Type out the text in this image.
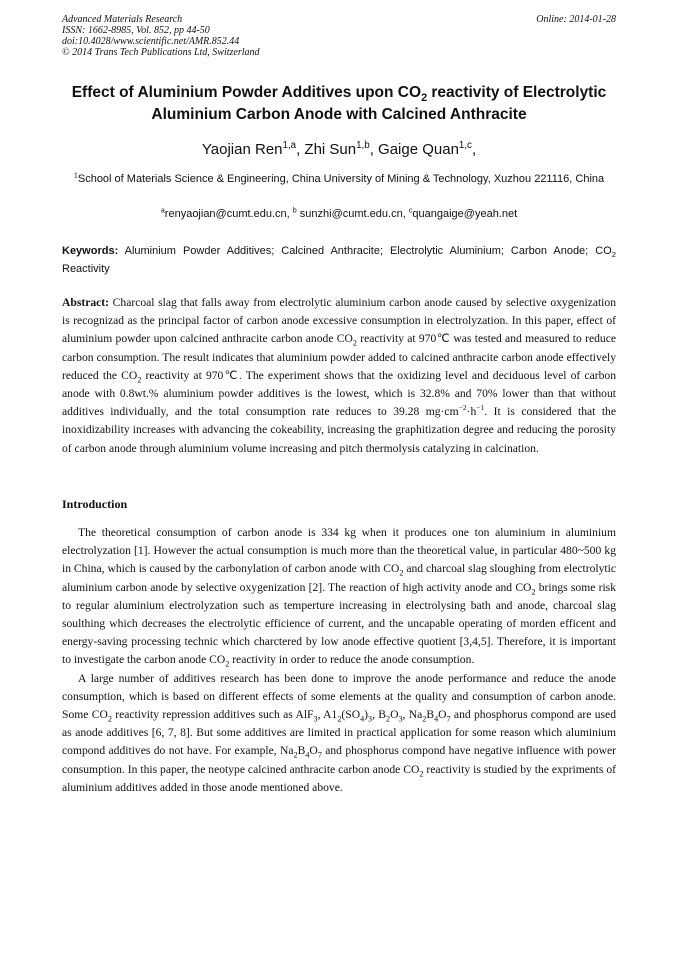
Advanced Materials Research
ISSN: 1662-8985, Vol. 852, pp 44-50
doi:10.4028/www.scientific.net/AMR.852.44
© 2014 Trans Tech Publications Ltd, Switzerland
Online: 2014-01-28
Effect of Aluminium Powder Additives upon $CO_2$ reactivity of Electrolytic Aluminium Carbon Anode with Calcined Anthracite
Yaojian Ren$^{1,a}$, Zhi Sun$^{1,b}$, Gaige Quan$^{1,c}$,
$^1$School of Materials Science & Engineering, China University of Mining & Technology, Xuzhou 221116, China
$^a$renyaojian@cumt.edu.cn, $^b$ sunzhi@cumt.edu.cn, $^c$quangaige@yeah.net
Keywords: Aluminium Powder Additives; Calcined Anthracite; Electrolytic Aluminium; Carbon Anode; $CO_2$ Reactivity
Abstract: Charcoal slag that falls away from electrolytic aluminium carbon anode caused by selective oxygenization is recognizad as the principal factor of carbon anode excessive consumption in electrolyzation. In this paper, effect of aluminium powder upon calcined anthracite carbon anode $CO_2$ reactivity at 970℃ was tested and measured to reduce carbon consumption. The result indicates that aluminium powder added to calcined anthracite carbon anode effectively reduced the $CO_2$ reactivity at 970℃. The experiment shows that the oxidizing level and deciduous level of carbon anode with 0.8wt.% aluminium powder additives is the lowest, which is 32.8% and 70% lower than that without additives individually, and the total consumption rate reduces to 39.28 $mg\cdot cm^{-2}\cdot h^{-1}$. It is considered that the inoxidizability increases with advancing the cokeability, increasing the graphitization degree and reducing the porosity of carbon anode through aluminium volume increasing and pitch thermolysis catalyzing in calcination.
Introduction

The theoretical consumption of carbon anode is 334 kg when it produces one ton aluminium in aluminium electrolyzation [1]. However the actual consumption is much more than the theoretical value, in particular 480~500 kg in China, which is caused by the carbonylation of carbon anode with $CO_2$ and charcoal slag sloughing from electrolytic aluminium carbon anode by selective oxygenization [2]. The reaction of high activity anode and $CO_2$ brings some risk to regular aluminium electrolyzation such as temperture increasing in electrolysing bath and anode, charcoal slag soulthing which decreases the electrolytic efficience of current, and the uncapable operating of morden efficent and energy-saving processing technic which charctered by low anode effective quotient [3,4,5]. Therefore, it is important to investigate the carbon anode $CO_2$ reactivity in order to reduce the anode consumption.

A large number of additives research has been done to improve the anode performance and reduce the anode consumption, which is based on different effects of some elements at the quality and consumption of carbon anode. Some $CO_2$ reactivity repression additives such as AlF$_3$, $A1_2(SO_4)_3$, $B_2O_3$, $Na_2B_4O_7$ and phosphorus compond are used as anode additives [6, 7, 8]. But some additives are limited in practical application for some reason which aluminium compond additives do not have. For example, $Na_2B_4O_7$ and phosphorus compond have negative influence with power consumption. In this paper, the neotype calcined anthracite carbon anode $CO_2$ reactivity is studied by the expriments of aluminium additives added in those anode mentioned above.
